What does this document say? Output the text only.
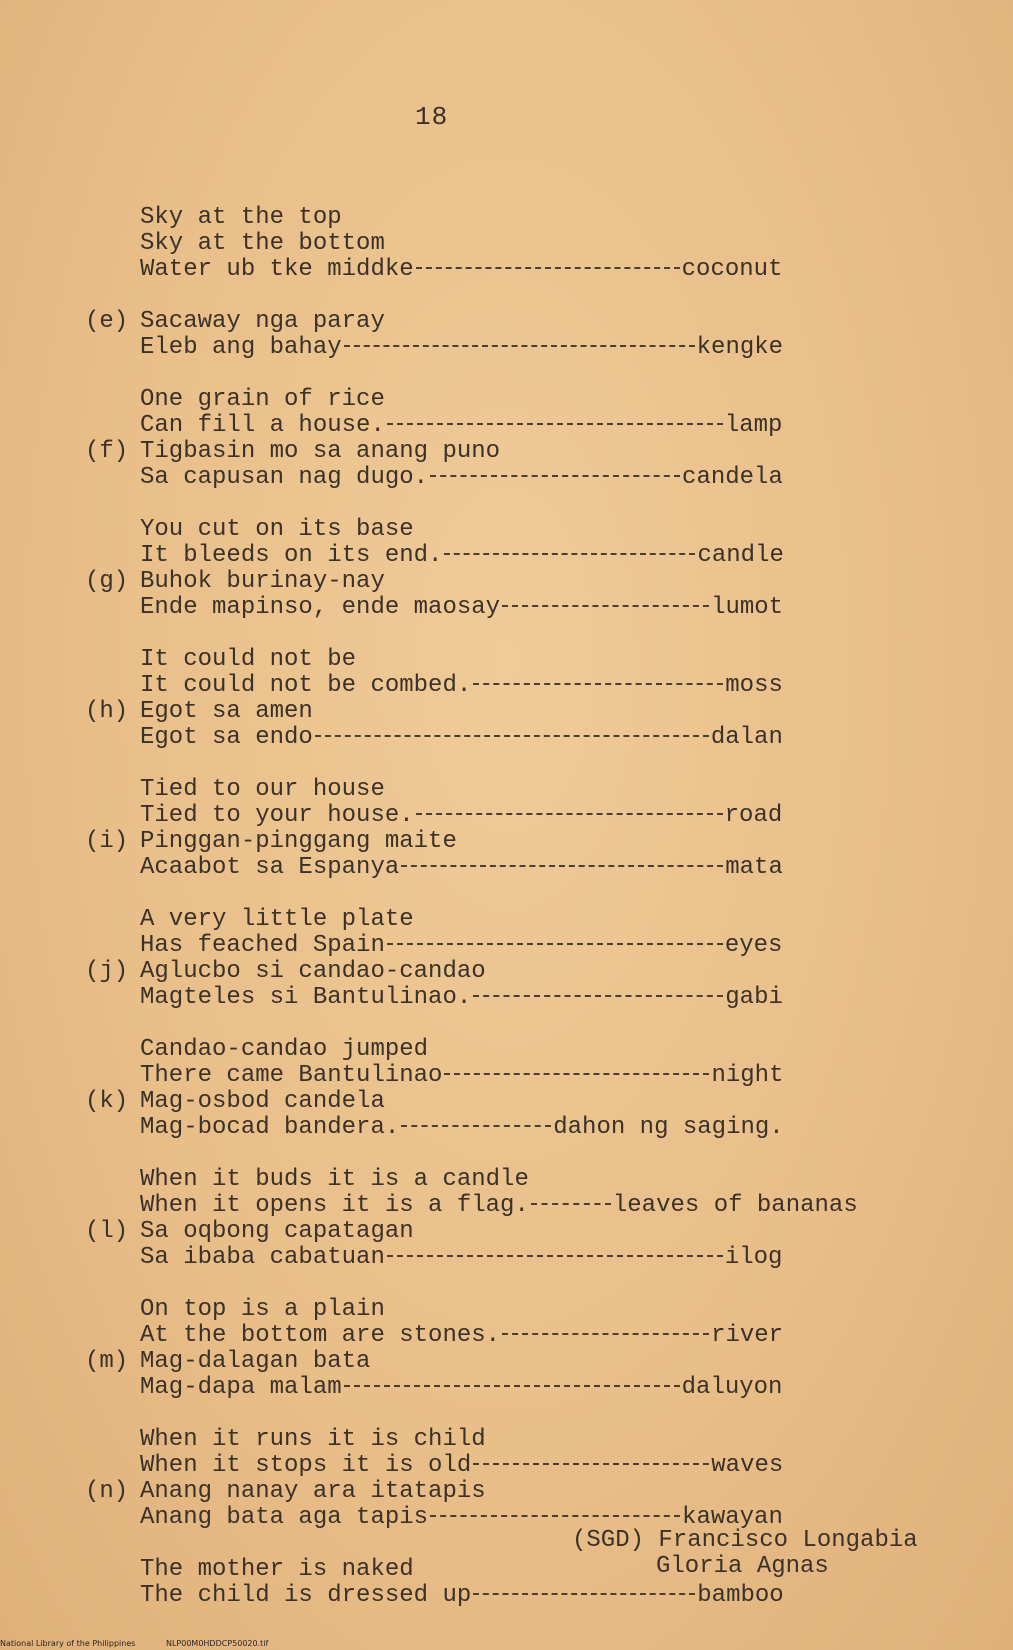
18
Sky at the top
Sky at the bottom
Water ub tke middke	coconut
(e) Sacaway nga paray
Eleb ang bahay	kengke
One grain of rice
Can fill a house.	lamp
(f) Tigbasin mo sa anang puno
Sa capusan nag dugo.	candela
You cut on its base
It bleeds on its end.	candle
(g) Buhok burinay-nay
Ende mapinso, ende maosay	lumot
It could not be
It could not be combed.	moss
(h) Egot sa amen
Egot sa endo	dalan
Tied to our house
Tied to your house.	road
(i) Pinggan-pinggang maite
Acaabot sa Espanya	mata
A very little plate
Has feached Spain	eyes
(j) Aglucbo si candao-candao
Magteles si Bantulinao.	gabi
Candao-candao jumped
There came Bantulinao	night
(k) Mag-osbod candela
Mag-bocad bandera.	dahon ng saging.
When it buds it is a candle
When it opens it is a flag.	leaves of bananas
(l) Sa oqbong capatagan
Sa ibaba cabatuan	ilog
On top is a plain
At the bottom are stones.	river
(m) Mag-dalagan bata
Mag-dapa malam	daluyon
When it runs it is child
When it stops it is old	waves
(n) Anang nanay ara itatapis
Anang bata aga tapis	kawayan
The mother is naked
The child is dressed up	bamboo
(SGD) Francisco Longabia
Gloria Agnas
National Library of the Philippines	NLP00M0HDDCP50020.tif
